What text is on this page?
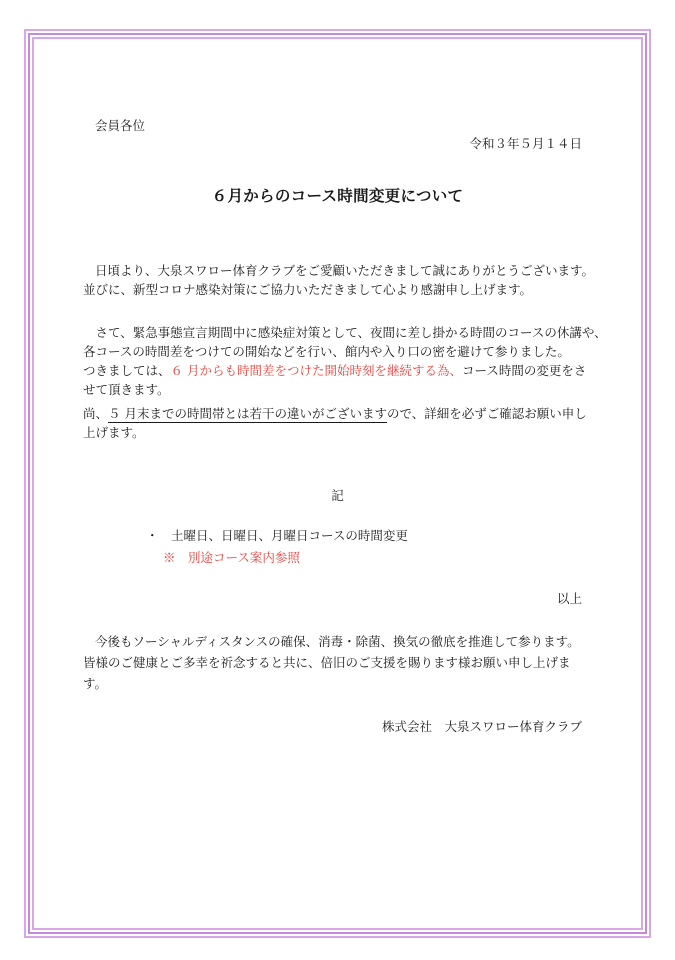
会員各位

令和３年５月１４日

６月からのコース時間変更について

日頃より、大泉スワロー体育クラブをご愛顧いただきまして誠にありがとうございます。

並びに、新型コロナ感染対策にご協力いただきまして心より感謝申し上げます。

　さて、緊急事態宣言期間中に感染症対策として、夜間に差し掛かる時間のコースの休講や、

各コースの時間差をつけての開始などを行い、館内や入り口の密を避けて参りました。

つきましては、６ 月からも時間差をつけた開始時刻を継続する為、コース時間の変更をさ

せて頂きます。

尚、５ 月末までの時間帯とは若干の違いがございますので、詳細を必ずご確認お願い申し

上げます。

記

・　土曜日、日曜日、月曜日コースの時間変更

※　別途コース案内参照

以上

今後もソーシャルディスタンスの確保、消毒・除菌、換気の徹底を推進して参ります。

皆様のご健康とご多幸を祈念すると共に、倍旧のご支援を賜ります様お願い申し上げま

す。

株式会社　大泉スワロー体育クラブ
